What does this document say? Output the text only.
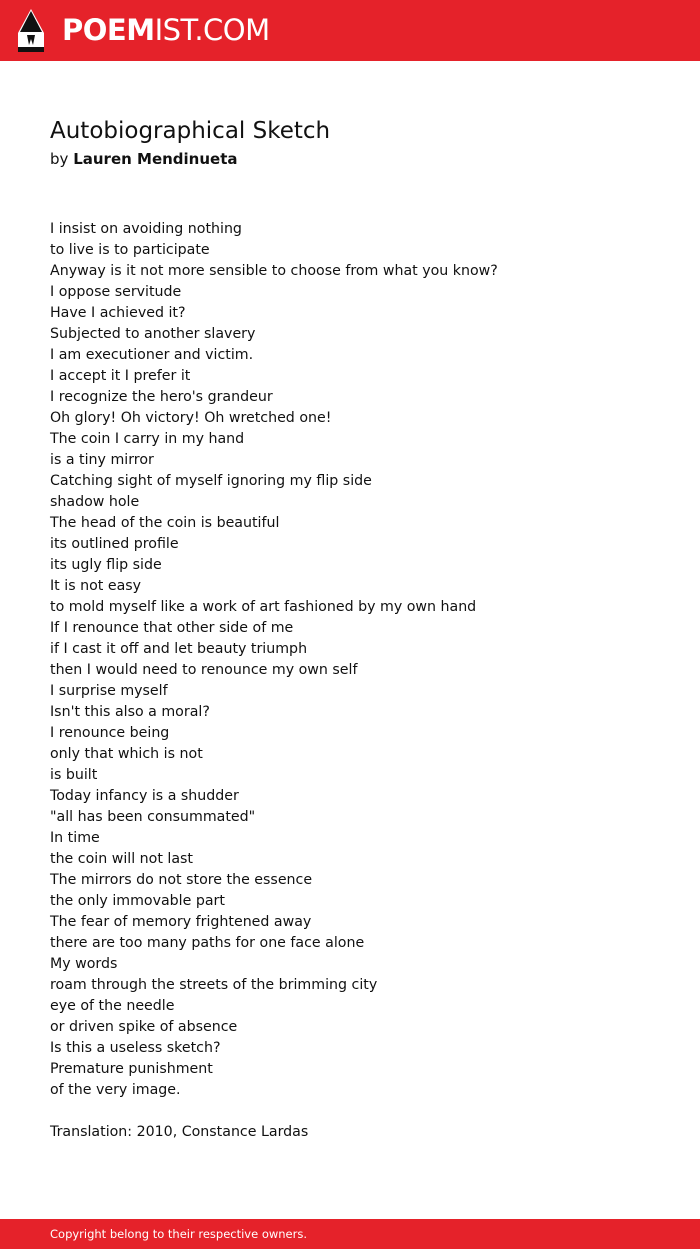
POEMIST.COM
Autobiographical Sketch
by Lauren Mendinueta
I insist on avoiding nothing
to live is to participate
Anyway is it not more sensible to choose from what you know?
I oppose servitude
Have I achieved it?
Subjected to another slavery
I am executioner and victim.
I accept it I prefer it
I recognize the hero's grandeur
Oh glory! Oh victory! Oh wretched one!
The coin I carry in my hand
is a tiny mirror
Catching sight of myself ignoring my flip side
shadow hole
The head of the coin is beautiful
its outlined profile
its ugly flip side
It is not easy
to mold myself like a work of art fashioned by my own hand
If I renounce that other side of me
if I cast it off and let beauty triumph
then I would need to renounce my own self
I surprise myself
Isn't this also a moral?
I renounce being
only that which is not
is built
Today infancy is a shudder
"all has been consummated"
In time
the coin will not last
The mirrors do not store the essence
the only immovable part
The fear of memory frightened away
there are too many paths for one face alone
My words
roam through the streets of the brimming city
eye of the needle
or driven spike of absence
Is this a useless sketch?
Premature punishment
of the very image.
Translation: 2010, Constance Lardas
Copyright belong to their respective owners.
